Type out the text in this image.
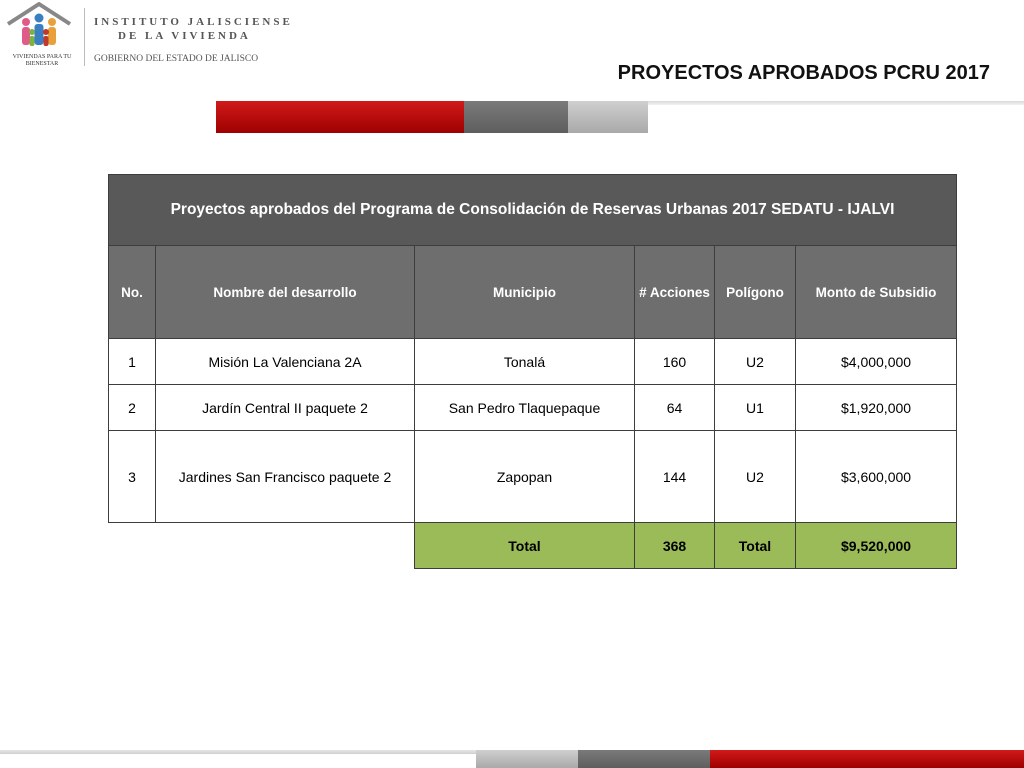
VIVIENDAS PARA TU BIENESTAR
INSTITUTO JALISCIENSE
DE LA VIVIENDA
GOBIERNO DEL ESTADO DE JALISCO
PROYECTOS APROBADOS PCRU 2017
Proyectos aprobados del Programa de Consolidación de Reservas Urbanas 2017 SEDATU - IJALVI					
No.	Nombre del desarrollo	Municipio	# Acciones	Polígono	Monto de Subsidio
1	Misión La Valenciana 2A	Tonalá	160	U2	$4,000,000
2	Jardín Central II paquete 2	San Pedro Tlaquepaque	64	U1	$1,920,000
3	Jardines San Francisco paquete 2	Zapopan	144	U2	$3,600,000
		Total	368	Total	$9,520,000
